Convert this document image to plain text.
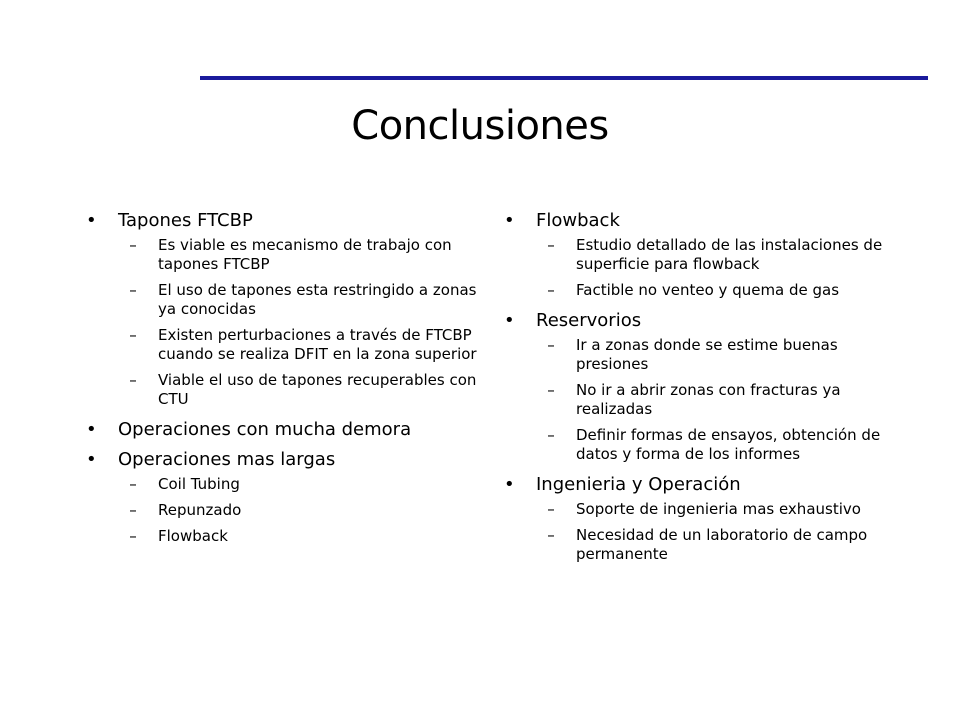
Conclusiones
• Tapones FTCBP
–	Es viable es mecanismo de trabajo con tapones FTCBP
–	El uso de tapones esta restringido a zonas ya conocidas
–	Existen perturbaciones a través de FTCBP cuando se realiza DFIT en la zona superior
–	Viable el uso de tapones recuperables con CTU
• Operaciones con mucha demora
• Operaciones mas largas
–	Coil Tubing
–	Repunzado
–	Flowback
• Flowback
–	Estudio detallado de las instalaciones de superficie para flowback
–	Factible no venteo y quema de gas
• Reservorios
–	Ir a zonas donde se estime buenas presiones
–	No ir a abrir zonas con fracturas ya realizadas
–	Definir formas de ensayos, obtención de datos y forma de los informes
• Ingenieria y Operación
–	Soporte de ingenieria mas exhaustivo
–	Necesidad de un laboratorio de campo permanente
